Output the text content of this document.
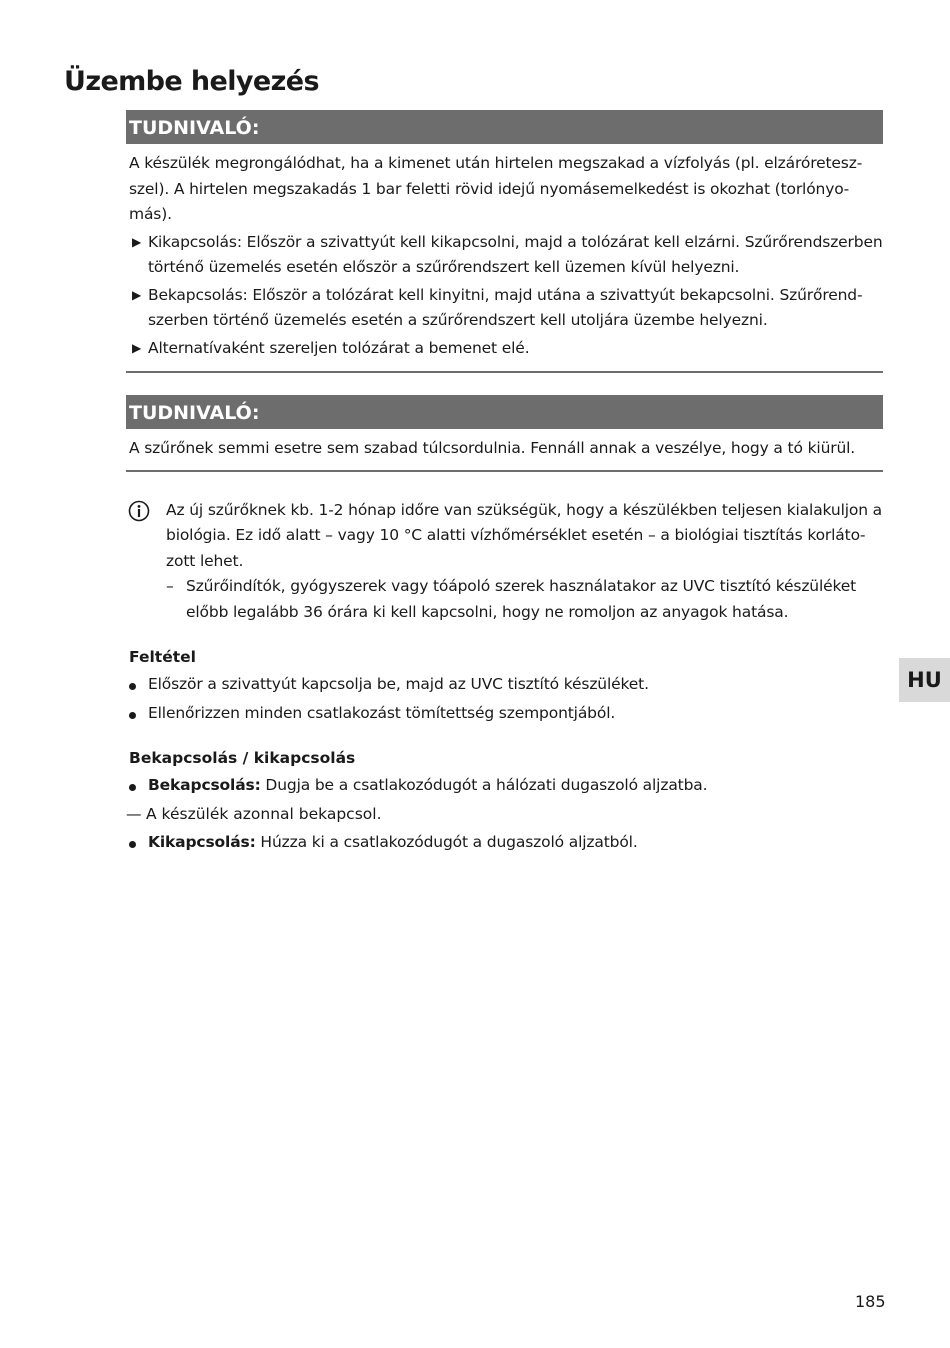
Üzembe helyezés
TUDNIVALÓ:

A készülék megrongálódhat, ha a kimenet után hirtelen megszakad a vízfolyás (pl. elzáróreteszszel). A hirtelen megszakadás 1 bar feletti rövid idejű nyomásemelkedést is okozhat (torlónyomás).

▶ Kikapcsolás: Először a szivattyút kell kikapcsolni, majd a tolózárat kell elzárni. Szűrőrendszerben történő üzemelés esetén először a szűrőrendszert kell üzemen kívül helyezni.
▶ Bekapcsolás: Először a tolózárat kell kinyitni, majd utána a szivattyút bekapcsolni. Szűrőrendszerben történő üzemelés esetén a szűrőrendszert kell utoljára üzembe helyezni.
▶ Alternatívaként szereljen tolózárat a bemenet elé.
TUDNIVALÓ:

A szűrőnek semmi esetre sem szabad túlcsordulnia. Fennáll annak a veszélye, hogy a tó kiürül.

Az új szűrőknek kb. 1-2 hónap időre van szükségük, hogy a készülékben teljesen kialakuljon a biológia. Ez idő alatt – vagy 10 °C alatti vízhőmérséklet esetén – a biológiai tisztítás korlátozott lehet.

– Szűrőindítók, gyógyszerek vagy tóápoló szerek használatakor az UVC tisztító készüléket előbb legalább 36 órára ki kell kapcsolni, hogy ne romoljon az anyagok hatása.
Feltétel
Először a szivattyút kapcsolja be, majd az UVC tisztító készüléket.
Ellenőrizzen minden csatlakozást tömítettség szempontjából.
Bekapcsolás / kikapcsolás
Bekapcsolás: Dugja be a csatlakozódugót a hálózati dugaszoló aljzatba.
— A készülék azonnal bekapcsol.
Kikapcsolás: Húzza ki a csatlakozódugót a dugaszoló aljzatból.
HU
185
